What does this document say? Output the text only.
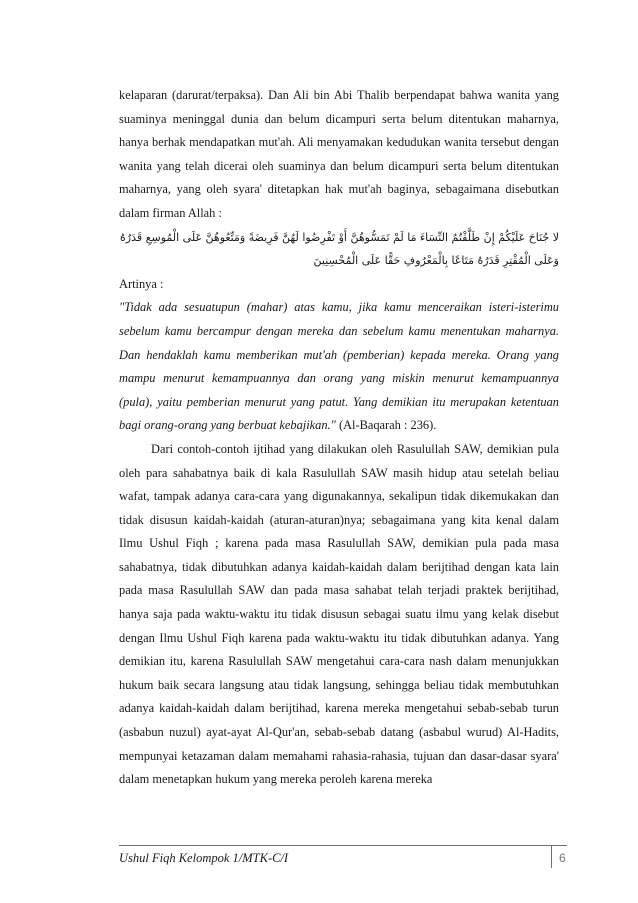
kelaparan (darurat/terpaksa). Dan Ali bin Abi Thalib berpendapat bahwa wanita yang suaminya meninggal dunia dan belum dicampuri serta belum ditentukan maharnya, hanya berhak mendapatkan mut'ah. Ali menyamakan kedudukan wanita tersebut dengan wanita yang telah dicerai oleh suaminya dan belum dicampuri serta belum ditentukan maharnya, yang oleh syara' ditetapkan hak mut'ah baginya, sebagaimana disebutkan dalam firman Allah :

لا جُنَاحَ عَلَيْكُمْ إِنْ طَلَّقْتُمُ النِّسَاءَ مَا لَمْ تَمَسُّوهُنَّ أَوْ تَفْرِضُوا لَهُنَّ فَرِيضَةً وَمَتِّعُوهُنَّ عَلَى الْمُوسِعِ قَدَرُهُ وَعَلَى الْمُقْتِرِ قَدَرُهُ مَتَاعًا بِالْمَعْرُوفِ حَقًّا عَلَى الْمُحْسِنِينَ

Artinya :

"Tidak ada sesuatupun (mahar) atas kamu, jika kamu menceraikan isteri-isterimu sebelum kamu bercampur dengan mereka dan sebelum kamu menentukan maharnya. Dan hendaklah kamu memberikan mut'ah (pemberian) kepada mereka. Orang yang mampu menurut kemampuannya dan orang yang miskin menurut kemampuannya (pula), yaitu pemberian menurut yang patut. Yang demikian itu merupakan ketentuan bagi orang-orang yang berbuat kebajikan." (Al-Baqarah : 236).

Dari contoh-contoh ijtihad yang dilakukan oleh Rasulullah SAW, demikian pula oleh para sahabatnya baik di kala Rasulullah SAW masih hidup atau setelah beliau wafat, tampak adanya cara-cara yang digunakannya, sekalipun tidak dikemukakan dan tidak disusun kaidah-kaidah (aturan-aturan)nya; sebagaimana yang kita kenal dalam Ilmu Ushul Fiqh ; karena pada masa Rasulullah SAW, demikian pula pada masa sahabatnya, tidak dibutuhkan adanya kaidah-kaidah dalam berijtihad dengan kata lain pada masa Rasulullah SAW dan pada masa sahabat telah terjadi praktek berijtihad, hanya saja pada waktu-waktu itu tidak disusun sebagai suatu ilmu yang kelak disebut dengan Ilmu Ushul Fiqh karena pada waktu-waktu itu tidak dibutuhkan adanya. Yang demikian itu, karena Rasulullah SAW mengetahui cara-cara nash dalam menunjukkan hukum baik secara langsung atau tidak langsung, sehingga beliau tidak membutuhkan adanya kaidah-kaidah dalam berijtihad, karena mereka mengetahui sebab-sebab turun (asbabun nuzul) ayat-ayat Al-Qur'an, sebab-sebab datang (asbabul wurud) Al-Hadits, mempunyai ketazaman dalam memahami rahasia-rahasia, tujuan dan dasar-dasar syara' dalam menetapkan hukum yang mereka peroleh karena mereka

Ushul Fiqh Kelompok 1/MTK-C/I	6
